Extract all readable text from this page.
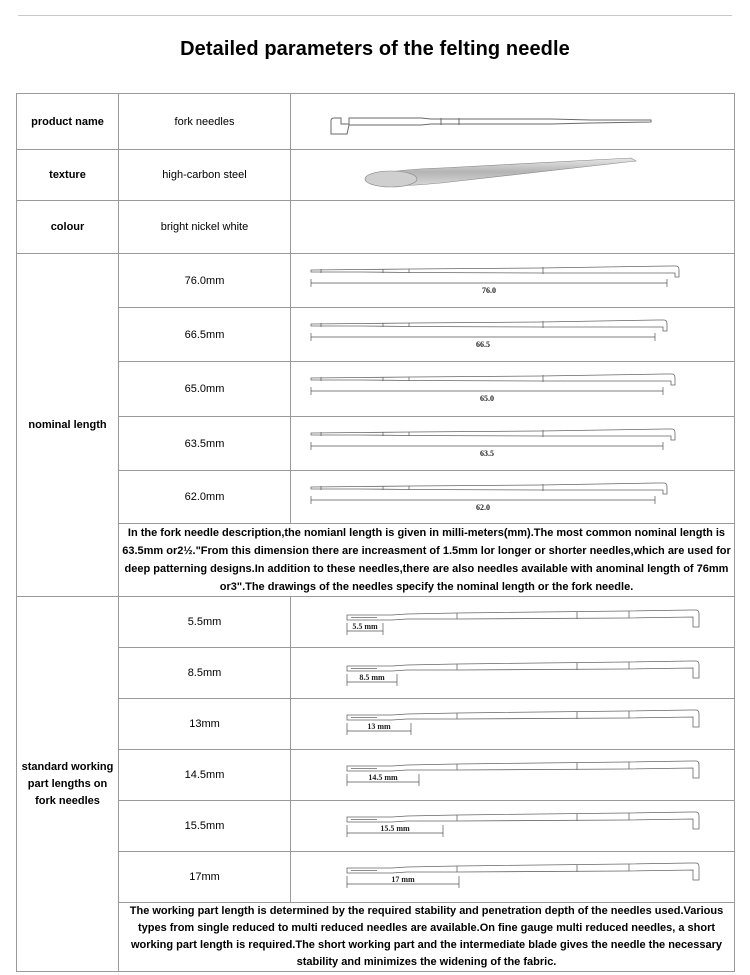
Detailed parameters of the felting needle
product name	fork needles	

texture	high-carbon steel	

colour	bright nickel white	
nominal length	76.0mm	76.0

	66.5mm	66.5

	65.0mm	65.0

	63.5mm	63.5

	62.0mm	62.0

	In the fork needle description,the nomianl length is given in milli-meters(mm).The most common nominal length is 63.5mm or2½."From this dimension there are increasment of 1.5mm lor longer or shorter needles,which are used for deep patterning designs.In addition to these needles,there are also needles available with anominal length of 76mm or3".The drawings of the needles specify the nominal length or the fork needle.	
standard working part lengths on fork needles	5.5mm	5.5 mm

	8.5mm	8.5 mm

	13mm	13 mm

	14.5mm	14.5 mm

	15.5mm	15.5 mm

	17mm	17 mm

	The working part length is determined by the required stability and penetration depth of the needles used.Various types from single reduced to multi reduced needles are available.On fine gauge multi reduced needles, a short working part length is required.The short working part and the intermediate blade gives the needle the necessary stability and minimizes the widening of the fabric.	
